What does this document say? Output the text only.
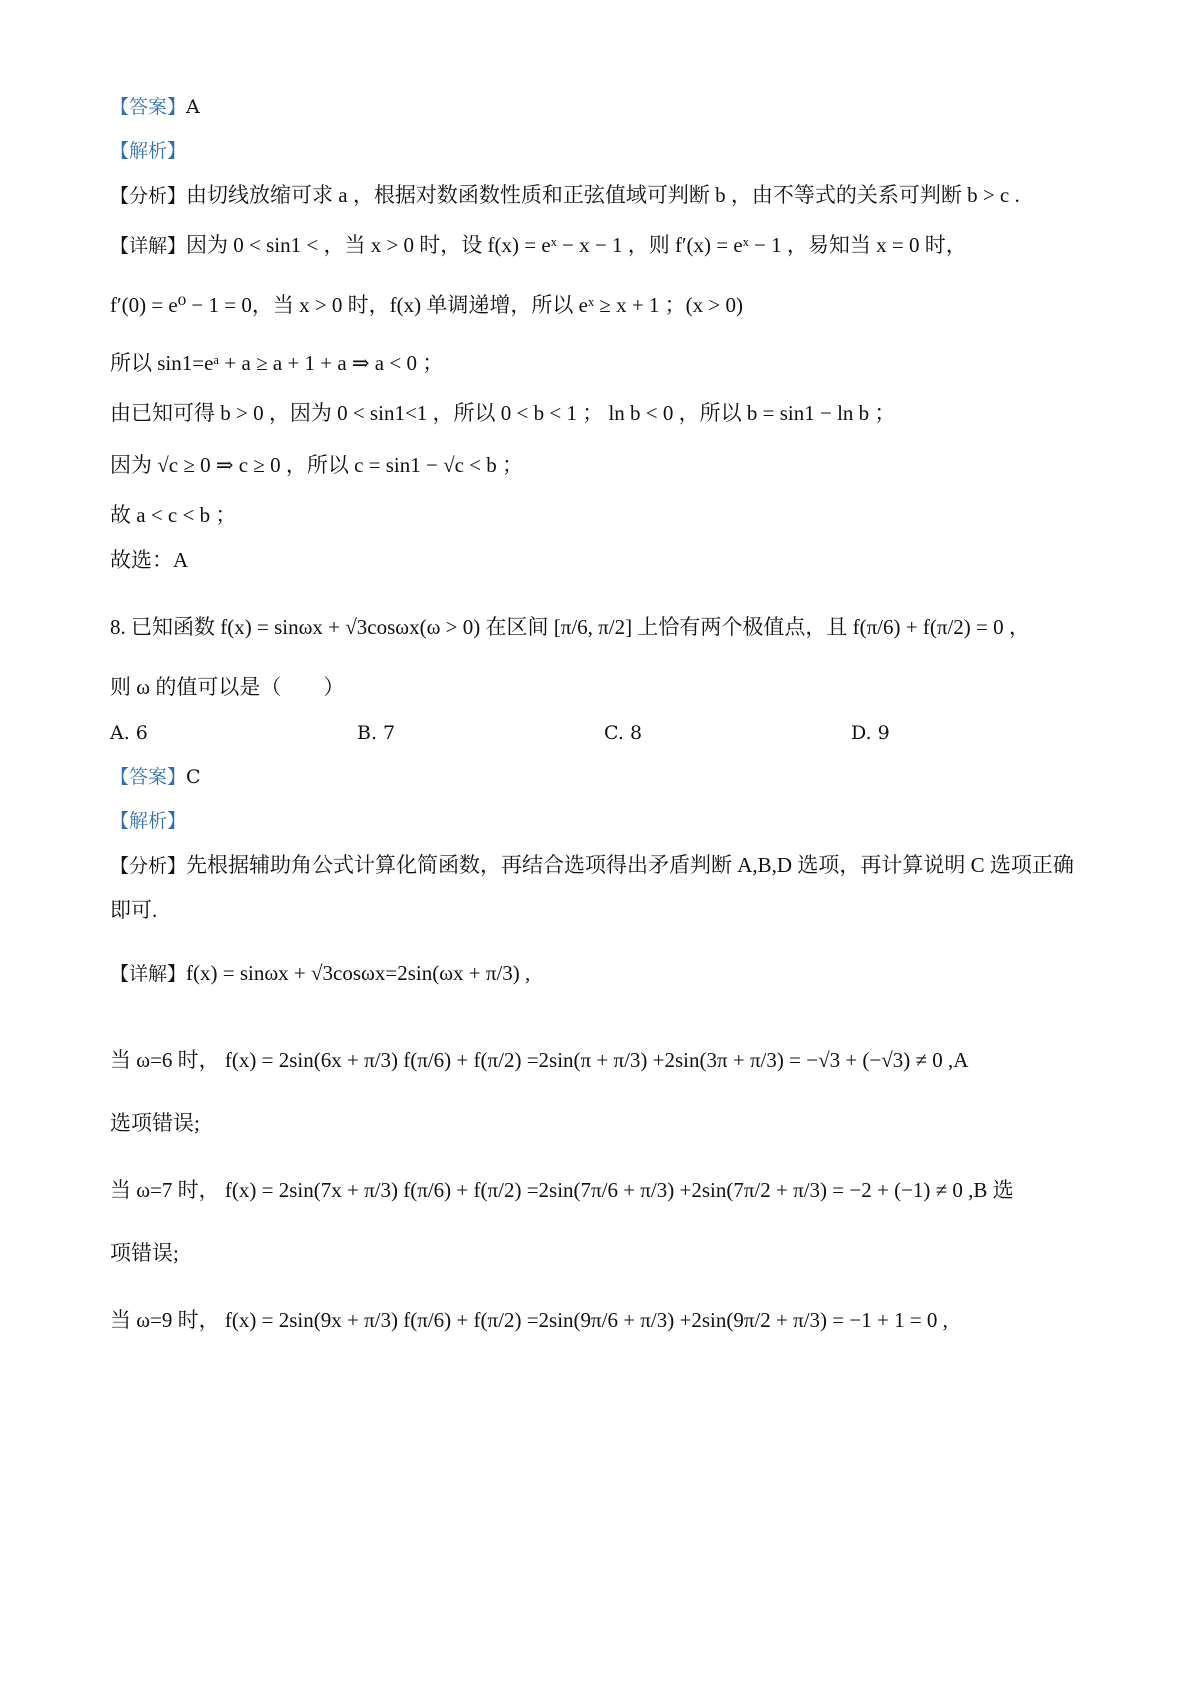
【答案】A
【解析】
【分析】由切线放缩可求 a ，根据对数函数性质和正弦值域可判断 b ，由不等式的关系可判断 b > c .
【详解】因为 0 < sin1 < ，当 x > 0 时，设 f(x) = eˣ − x − 1 ，则 f′(x) = eˣ − 1 ，易知当 x = 0 时，
f′(0) = e⁰ − 1 = 0，当 x > 0 时，f(x) 单调递增，所以 eˣ ≥ x + 1 ；(x > 0)
所以 sin1=eᵃ + a ≥ a + 1 + a ⇒ a < 0 ；
由已知可得 b > 0 ，因为 0 < sin1<1 ，所以 0 < b < 1 ； ln b < 0 ，所以 b = sin1 − ln b ；
因为 √c ≥ 0 ⇒ c ≥ 0 ，所以 c = sin1 − √c < b ；
故 a < c < b ；
故选：A
8. 已知函数 f(x) = sinωx + √3cosωx(ω > 0) 在区间 [π/6, π/2] 上恰有两个极值点，且 f(π/6) + f(π/2) = 0 ，
则 ω 的值可以是（　　）
A. 6	B. 7	C. 8	D. 9
【答案】C
【解析】
【分析】先根据辅助角公式计算化简函数，再结合选项得出矛盾判断 A,B,D 选项，再计算说明 C 选项正确
即可.
【详解】f(x) = sinωx + √3cosωx=2sin(ωx + π/3) ,
当 ω=6 时， f(x) = 2sin(6x + π/3) f(π/6) + f(π/2) =2sin(π + π/3) +2sin(3π + π/3) = −√3 + (−√3) ≠ 0 ,A
选项错误;
当 ω=7 时， f(x) = 2sin(7x + π/3) f(π/6) + f(π/2) =2sin(7π/6 + π/3) +2sin(7π/2 + π/3) = −2 + (−1) ≠ 0 ,B 选
项错误;
当 ω=9 时， f(x) = 2sin(9x + π/3) f(π/6) + f(π/2) =2sin(9π/6 + π/3) +2sin(9π/2 + π/3) = −1 + 1 = 0 ,
